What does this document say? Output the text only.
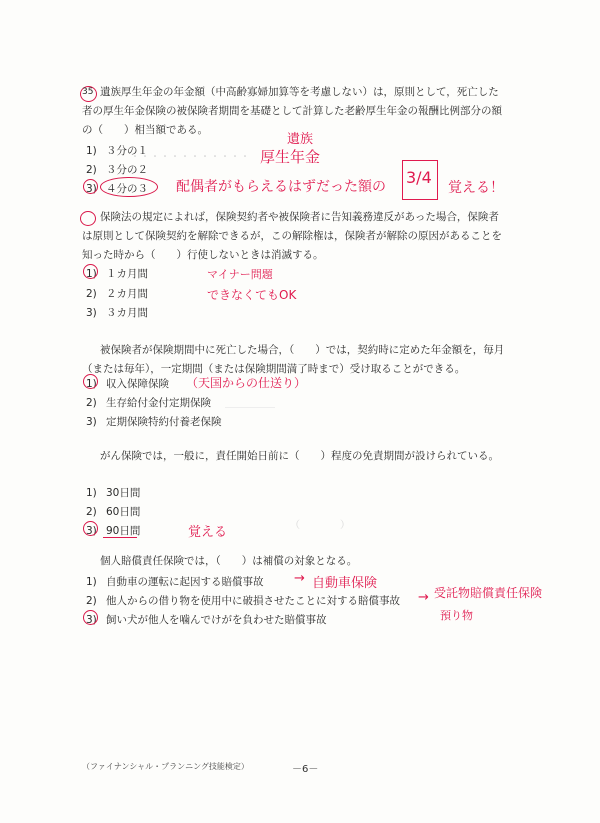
35 遺族厚生年金の年金額（中高齢寡婦加算等を考慮しない）は，原則として，死亡した者の厚生年金保険の被保険者期間を基礎として計算した老齢厚生年金の報酬比例部分の額の（　　）相当額である。

1) ３分の１
2) ３分の２
3) ４分の３
遺族
厚生年金
配偶者がもらえるはずだった額の 3/4
覚える！
・・・・・・・・・・・・

保険法の規定によれば，保険契約者や被保険者に告知義務違反があった場合，保険者は原則として保険契約を解除できるが，この解除権は，保険者が解除の原因があることを知った時から（　　）行使しないときは消滅する。

1) １カ月間
2) ２カ月間
3) ３カ月間
マイナー問題
できなくてもOK

被保険者が保険期間中に死亡した場合，（　　）では，契約時に定めた年金額を，毎月（または毎年），一定期間（または保険期間満了時まで）受け取ることができる。

1) 収入保障保険
2) 生存給付金付定期保険
3) 定期保険特約付養老保険
（天国からの仕送り）
＿＿＿＿＿

がん保険では，一般に，責任開始日前に（　　）程度の免責期間が設けられている。

1) 30日間
2) 60日間
3) 90日間	覚える	（　　　　）

個人賠償責任保険では，（　　）は補償の対象となる。

1) 自動車の運転に起因する賠償事故
2) 他人からの借り物を使用中に破損させたことに対する賠償事故
3) 飼い犬が他人を噛んでけがを負わせた賠償事故
→ 自動車保険
→ 受託物賠償責任保険
預り物
（ファイナンシャル・プランニング技能検定）	－6－
